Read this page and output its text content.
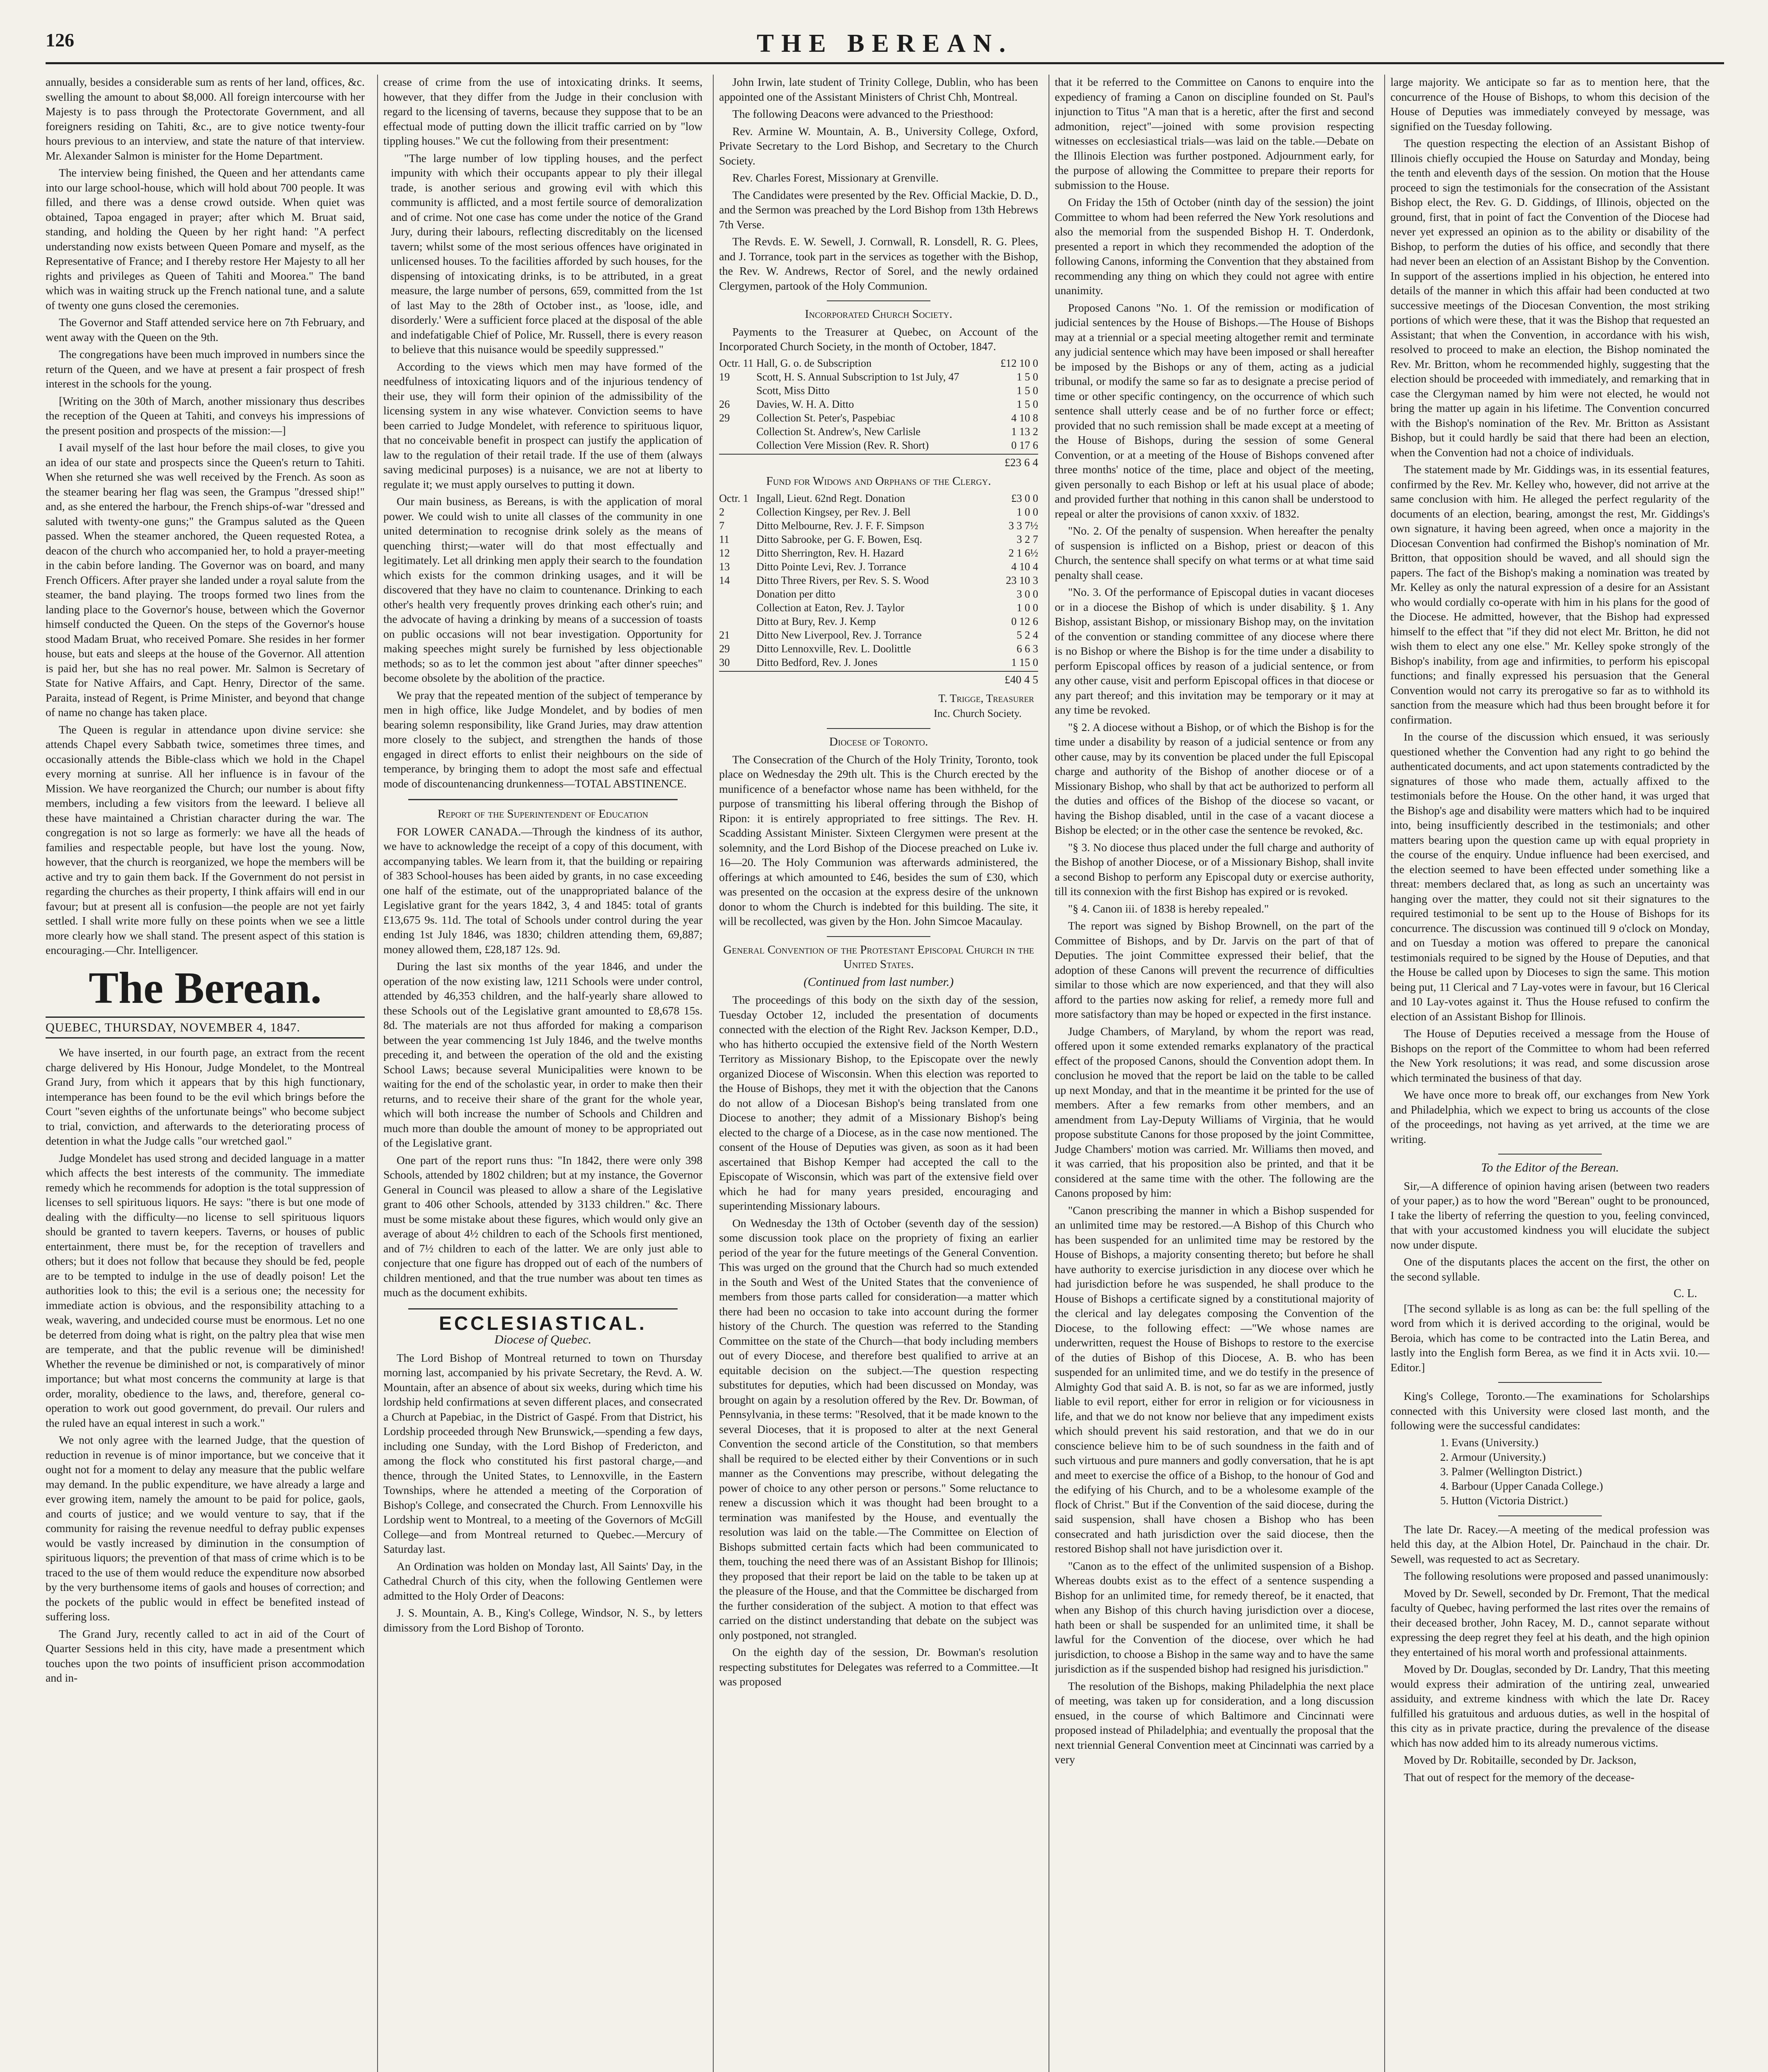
126	THE BEREAN.

annually, besides a considerable sum as rents of her land, offices, &c. swelling the amount to about $8,000. All foreign intercourse with her Majesty is to pass through the Protectorate Government, and all foreigners residing on Tahiti, &c., are to give notice twenty-four hours previous to an interview, and state the nature of that interview. Mr. Alexander Salmon is minister for the Home Department.

The interview being finished, the Queen and her attendants came into our large school-house, which will hold about 700 people. It was filled, and there was a dense crowd outside. When quiet was obtained, Tapoa engaged in prayer; after which M. Bruat said, standing, and holding the Queen by her right hand: "A perfect understanding now exists between Queen Pomare and myself, as the Representative of France; and I thereby restore Her Majesty to all her rights and privileges as Queen of Tahiti and Moorea." The band which was in waiting struck up the French national tune, and a salute of twenty one guns closed the ceremonies.

The Governor and Staff attended service here on 7th February, and went away with the Queen on the 9th.

The congregations have been much improved in numbers since the return of the Queen, and we have at present a fair prospect of fresh interest in the schools for the young.

[Writing on the 30th of March, another missionary thus describes the reception of the Queen at Tahiti, and conveys his impressions of the present position and prospects of the mission:—]

I avail myself of the last hour before the mail closes, to give you an idea of our state and prospects since the Queen's return to Tahiti. When she returned she was well received by the French. As soon as the steamer bearing her flag was seen, the Grampus "dressed ship!" and, as she entered the harbour, the French ships-of-war "dressed and saluted with twenty-one guns;" the Grampus saluted as the Queen passed. When the steamer anchored, the Queen requested Rotea, a deacon of the church who accompanied her, to hold a prayer-meeting in the cabin before landing. The Governor was on board, and many French Officers. After prayer she landed under a royal salute from the steamer, the band playing. The troops formed two lines from the landing place to the Governor's house, between which the Governor himself conducted the Queen. On the steps of the Governor's house stood Madam Bruat, who received Pomare. She resides in her former house, but eats and sleeps at the house of the Governor. All attention is paid her, but she has no real power. Mr. Salmon is Secretary of State for Native Affairs, and Capt. Henry, Director of the same. Paraita, instead of Regent, is Prime Minister, and beyond that change of name no change has taken place.

The Queen is regular in attendance upon divine service: she attends Chapel every Sabbath twice, sometimes three times, and occasionally attends the Bible-class which we hold in the Chapel every morning at sunrise. All her influence is in favour of the Mission. We have reorganized the Church; our number is about fifty members, including a few visitors from the leeward. I believe all these have maintained a Christian character during the war. The congregation is not so large as formerly: we have all the heads of families and respectable people, but have lost the young. Now, however, that the church is reorganized, we hope the members will be active and try to gain them back. If the Government do not persist in regarding the churches as their property, I think affairs will end in our favour; but at present all is confusion—the people are not yet fairly settled. I shall write more fully on these points when we see a little more clearly how we shall stand. The present aspect of this station is encouraging.—Chr. Intelligencer.

The Berean.
QUEBEC, THURSDAY, NOVEMBER 4, 1847.

We have inserted, in our fourth page, an extract from the recent charge delivered by His Honour, Judge Mondelet, to the Montreal Grand Jury, from which it appears that by this high functionary, intemperance has been found to be the evil which brings before the Court "seven eighths of the unfortunate beings" who become subject to trial, conviction, and afterwards to the deteriorating process of detention in what the Judge calls "our wretched gaol."

Judge Mondelet has used strong and decided language in a matter which affects the best interests of the community. The immediate remedy which he recommends for adoption is the total suppression of licenses to sell spirituous liquors. He says: "there is but one mode of dealing with the difficulty—no license to sell spirituous liquors should be granted to tavern keepers. Taverns, or houses of public entertainment, there must be, for the reception of travellers and others; but it does not follow that because they should be fed, people are to be tempted to indulge in the use of deadly poison! Let the authorities look to this; the evil is a serious one; the necessity for immediate action is obvious, and the responsibility attaching to a weak, wavering, and undecided course must be enormous. Let no one be deterred from doing what is right, on the paltry plea that wise men are temperate, and that the public revenue will be diminished! Whether the revenue be diminished or not, is comparatively of minor importance; but what most concerns the community at large is that order, morality, obedience to the laws, and, therefore, general co-operation to work out good government, do prevail. Our rulers and the ruled have an equal interest in such a work."

We not only agree with the learned Judge, that the question of reduction in revenue is of minor importance, but we conceive that it ought not for a moment to delay any measure that the public welfare may demand. In the public expenditure, we have already a large and ever growing item, namely the amount to be paid for police, gaols, and courts of justice; and we would venture to say, that if the community for raising the revenue needful to defray public expenses would be vastly increased by diminution in the consumption of spirituous liquors; the prevention of that mass of crime which is to be traced to the use of them would reduce the expenditure now absorbed by the very burthensome items of gaols and houses of correction; and the pockets of the public would in effect be benefited instead of suffering loss.

The Grand Jury, recently called to act in aid of the Court of Quarter Sessions held in this city, have made a presentment which touches upon the two points of insufficient prison accommodation and in-

crease of crime from the use of intoxicating drinks. It seems, however, that they differ from the Judge in their conclusion with regard to the licensing of taverns, because they suppose that to be an effectual mode of putting down the illicit traffic carried on by "low tippling houses." We cut the following from their presentment:

"The large number of low tippling houses, and the perfect impunity with which their occupants appear to ply their illegal trade, is another serious and growing evil with which this community is afflicted, and a most fertile source of demoralization and of crime. Not one case has come under the notice of the Grand Jury, during their labours, reflecting discreditably on the licensed tavern; whilst some of the most serious offences have originated in unlicensed houses. To the facilities afforded by such houses, for the dispensing of intoxicating drinks, is to be attributed, in a great measure, the large number of persons, 659, committed from the 1st of last May to the 28th of October inst., as 'loose, idle, and disorderly.' Were a sufficient force placed at the disposal of the able and indefatigable Chief of Police, Mr. Russell, there is every reason to believe that this nuisance would be speedily suppressed."

According to the views which men may have formed of the needfulness of intoxicating liquors and of the injurious tendency of their use, they will form their opinion of the admissibility of the licensing system in any wise whatever. Conviction seems to have been carried to Judge Mondelet, with reference to spirituous liquor, that no conceivable benefit in prospect can justify the application of law to the regulation of their retail trade. If the use of them (always saving medicinal purposes) is a nuisance, we are not at liberty to regulate it; we must apply ourselves to putting it down.

Our main business, as Bereans, is with the application of moral power. We could wish to unite all classes of the community in one united determination to recognise drink solely as the means of quenching thirst;—water will do that most effectually and legitimately. Let all drinking men apply their search to the foundation which exists for the common drinking usages, and it will be discovered that they have no claim to countenance. Drinking to each other's health very frequently proves drinking each other's ruin; and the advocate of having a drinking by means of a succession of toasts on public occasions will not bear investigation. Opportunity for making speeches might surely be furnished by less objectionable methods; so as to let the common jest about "after dinner speeches" become obsolete by the abolition of the practice.

We pray that the repeated mention of the subject of temperance by men in high office, like Judge Mondelet, and by bodies of men bearing solemn responsibility, like Grand Juries, may draw attention more closely to the subject, and strengthen the hands of those engaged in direct efforts to enlist their neighbours on the side of temperance, by bringing them to adopt the most safe and effectual mode of discountenancing drunkenness—TOTAL ABSTINENCE.

Report of the Superintendent of Education

FOR LOWER CANADA.—Through the kindness of its author, we have to acknowledge the receipt of a copy of this document, with accompanying tables. We learn from it, that the building or repairing of 383 School-houses has been aided by grants, in no case exceeding one half of the estimate, out of the unappropriated balance of the Legislative grant for the years 1842, 3, 4 and 1845: total of grants £13,675 9s. 11d. The total of Schools under control during the year ending 1st July 1846, was 1830; children attending them, 69,887; money allowed them, £28,187 12s. 9d.

During the last six months of the year 1846, and under the operation of the now existing law, 1211 Schools were under control, attended by 46,353 children, and the half-yearly share allowed to these Schools out of the Legislative grant amounted to £8,678 15s. 8d. The materials are not thus afforded for making a comparison between the year commencing 1st July 1846, and the twelve months preceding it, and between the operation of the old and the existing School Laws; because several Municipalities were known to be waiting for the end of the scholastic year, in order to make then their returns, and to receive their share of the grant for the whole year, which will both increase the number of Schools and Children and much more than double the amount of money to be appropriated out of the Legislative grant.

One part of the report runs thus: "In 1842, there were only 398 Schools, attended by 1802 children; but at my instance, the Governor General in Council was pleased to allow a share of the Legislative grant to 406 other Schools, attended by 3133 children." &c. There must be some mistake about these figures, which would only give an average of about 4½ children to each of the Schools first mentioned, and of 7½ children to each of the latter. We are only just able to conjecture that one figure has dropped out of each of the numbers of children mentioned, and that the true number was about ten times as much as the document exhibits.

ECCLESIASTICAL.
Diocese of Quebec.

The Lord Bishop of Montreal returned to town on Thursday morning last, accompanied by his private Secretary, the Revd. A. W. Mountain, after an absence of about six weeks, during which time his lordship held confirmations at seven different places, and consecrated a Church at Papebiac, in the District of Gaspé. From that District, his Lordship proceeded through New Brunswick,—spending a few days, including one Sunday, with the Lord Bishop of Fredericton, and among the flock who constituted his first pastoral charge,—and thence, through the United States, to Lennoxville, in the Eastern Townships, where he attended a meeting of the Corporation of Bishop's College, and consecrated the Church. From Lennoxville his Lordship went to Montreal, to a meeting of the Governors of McGill College—and from Montreal returned to Quebec.—Mercury of Saturday last.

An Ordination was holden on Monday last, All Saints' Day, in the Cathedral Church of this city, when the following Gentlemen were admitted to the Holy Order of Deacons:

J. S. Mountain, A. B., King's College, Windsor, N. S., by letters dimissory from the Lord Bishop of Toronto.

John Irwin, late student of Trinity College, Dublin, who has been appointed one of the Assistant Ministers of Christ Chh, Montreal.

The following Deacons were advanced to the Priesthood:

Rev. Armine W. Mountain, A. B., University College, Oxford, Private Secretary to the Lord Bishop, and Secretary to the Church Society.

Rev. Charles Forest, Missionary at Grenville.

The Candidates were presented by the Rev. Official Mackie, D. D., and the Sermon was preached by the Lord Bishop from 13th Hebrews 7th Verse.

The Revds. E. W. Sewell, J. Cornwall, R. Lonsdell, R. G. Plees, and J. Torrance, took part in the services as together with the Bishop, the Rev. W. Andrews, Rector of Sorel, and the newly ordained Clergymen, partook of the Holy Communion.

Incorporated Church Society.

Payments to the Treasurer at Quebec, on Account of the Incorporated Church Society, in the month of October, 1847.

Octr. 11 Hall, G. o. de Subscription	£12 10 0
19	Scott, H. S. Annual Subscription to 1st July, 47	1 5 0
Scott, Miss Ditto	1 5 0
26	Davies, W. H. A. Ditto	1 5 0
29	Collection St. Peter's, Paspebiac	4 10 8
Collection St. Andrew's, New Carlisle	1 13 2
Collection Vere Mission (Rev. R. Short)	0 17 6
£23 6 4
Fund for Widows and Orphans of the Clergy.
Octr. 1 Ingall, Lieut. 62nd Regt. Donation	£3 0 0
2	Collection Kingsey, per Rev. J. Bell	1 0 0
7	Ditto Melbourne, Rev. J. F. F. Simpson	3 3 7½
11	Ditto Sabrooke, per G. F. Bowen, Esq.	3 2 7
12	Ditto Sherrington, Rev. H. Hazard	2 1 6½
13	Ditto Pointe Levi, Rev. J. Torrance	4 10 4
14	Ditto Three Rivers, per Rev. S. S. Wood	23 10 3
Donation per ditto	3 0 0
Collection at Eaton, Rev. J. Taylor	1 0 0
Ditto at Bury, Rev. J. Kemp	0 12 6
21	Ditto New Liverpool, Rev. J. Torrance	5 2 4
29	Ditto Lennoxville, Rev. L. Doolittle	6 6 3
30	Ditto Bedford, Rev. J. Jones	1 15 0
£40 4 5
T. Trigge, Treasurer
Inc. Church Society.
Diocese of Toronto.

The Consecration of the Church of the Holy Trinity, Toronto, took place on Wednesday the 29th ult. This is the Church erected by the munificence of a benefactor whose name has been withheld, for the purpose of transmitting his liberal offering through the Bishop of Ripon: it is entirely appropriated to free sittings. The Rev. H. Scadding Assistant Minister. Sixteen Clergymen were present at the solemnity, and the Lord Bishop of the Diocese preached on Luke iv. 16—20. The Holy Communion was afterwards administered, the offerings at which amounted to £46, besides the sum of £30, which was presented on the occasion at the express desire of the unknown donor to whom the Church is indebted for this building. The site, it will be recollected, was given by the Hon. John Simcoe Macaulay.

General Convention of the Protestant Episcopal Church in the United States.
(Continued from last number.)

The proceedings of this body on the sixth day of the session, Tuesday October 12, included the presentation of documents connected with the election of the Right Rev. Jackson Kemper, D.D., who has hitherto occupied the extensive field of the North Western Territory as Missionary Bishop, to the Episcopate over the newly organized Diocese of Wisconsin. When this election was reported to the House of Bishops, they met it with the objection that the Canons do not allow of a Diocesan Bishop's being translated from one Diocese to another; they admit of a Missionary Bishop's being elected to the charge of a Diocese, as in the case now mentioned. The consent of the House of Deputies was given, as soon as it had been ascertained that Bishop Kemper had accepted the call to the Episcopate of Wisconsin, which was part of the extensive field over which he had for many years presided, encouraging and superintending Missionary labours.

On Wednesday the 13th of October (seventh day of the session) some discussion took place on the propriety of fixing an earlier period of the year for the future meetings of the General Convention. This was urged on the ground that the Church had so much extended in the South and West of the United States that the convenience of members from those parts called for consideration—a matter which there had been no occasion to take into account during the former history of the Church. The question was referred to the Standing Committee on the state of the Church—that body including members out of every Diocese, and therefore best qualified to arrive at an equitable decision on the subject.—The question respecting substitutes for deputies, which had been discussed on Monday, was brought on again by a resolution offered by the Rev. Dr. Bowman, of Pennsylvania, in these terms: "Resolved, that it be made known to the several Dioceses, that it is proposed to alter at the next General Convention the second article of the Constitution, so that members shall be required to be elected either by their Conventions or in such manner as the Conventions may prescribe, without delegating the power of choice to any other person or persons." Some reluctance to renew a discussion which it was thought had been brought to a termination was manifested by the House, and eventually the resolution was laid on the table.—The Committee on Election of Bishops submitted certain facts which had been communicated to them, touching the need there was of an Assistant Bishop for Illinois; they proposed that their report be laid on the table to be taken up at the pleasure of the House, and that the Committee be discharged from the further consideration of the subject. A motion to that effect was carried on the distinct understanding that debate on the subject was only postponed, not strangled.

On the eighth day of the session, Dr. Bowman's resolution respecting substitutes for Delegates was referred to a Committee.—It was proposed

that it be referred to the Committee on Canons to enquire into the expediency of framing a Canon on discipline founded on St. Paul's injunction to Titus "A man that is a heretic, after the first and second admonition, reject"—joined with some provision respecting witnesses on ecclesiastical trials—was laid on the table.—Debate on the Illinois Election was further postponed. Adjournment early, for the purpose of allowing the Committee to prepare their reports for submission to the House.

On Friday the 15th of October (ninth day of the session) the joint Committee to whom had been referred the New York resolutions and also the memorial from the suspended Bishop H. T. Onderdonk, presented a report in which they recommended the adoption of the following Canons, informing the Convention that they abstained from recommending any thing on which they could not agree with entire unanimity.

Proposed Canons "No. 1. Of the remission or modification of judicial sentences by the House of Bishops.—The House of Bishops may at a triennial or a special meeting altogether remit and terminate any judicial sentence which may have been imposed or shall hereafter be imposed by the Bishops or any of them, acting as a judicial tribunal, or modify the same so far as to designate a precise period of time or other specific contingency, on the occurrence of which such sentence shall utterly cease and be of no further force or effect; provided that no such remission shall be made except at a meeting of the House of Bishops, during the session of some General Convention, or at a meeting of the House of Bishops convened after three months' notice of the time, place and object of the meeting, given personally to each Bishop or left at his usual place of abode; and provided further that nothing in this canon shall be understood to repeal or alter the provisions of canon xxxiv. of 1832.

"No. 2. Of the penalty of suspension. When hereafter the penalty of suspension is inflicted on a Bishop, priest or deacon of this Church, the sentence shall specify on what terms or at what time said penalty shall cease.

"No. 3. Of the performance of Episcopal duties in vacant dioceses or in a diocese the Bishop of which is under disability. § 1. Any Bishop, assistant Bishop, or missionary Bishop may, on the invitation of the convention or standing committee of any diocese where there is no Bishop or where the Bishop is for the time under a disability to perform Episcopal offices by reason of a judicial sentence, or from any other cause, visit and perform Episcopal offices in that diocese or any part thereof; and this invitation may be temporary or it may at any time be revoked.

"§ 2. A diocese without a Bishop, or of which the Bishop is for the time under a disability by reason of a judicial sentence or from any other cause, may by its convention be placed under the full Episcopal charge and authority of the Bishop of another diocese or of a Missionary Bishop, who shall by that act be authorized to perform all the duties and offices of the Bishop of the diocese so vacant, or having the Bishop disabled, until in the case of a vacant diocese a Bishop be elected; or in the other case the sentence be revoked, &c.

"§ 3. No diocese thus placed under the full charge and authority of the Bishop of another Diocese, or of a Missionary Bishop, shall invite a second Bishop to perform any Episcopal duty or exercise authority, till its connexion with the first Bishop has expired or is revoked.

"§ 4. Canon iii. of 1838 is hereby repealed."

The report was signed by Bishop Brownell, on the part of the Committee of Bishops, and by Dr. Jarvis on the part of that of Deputies. The joint Committee expressed their belief, that the adoption of these Canons will prevent the recurrence of difficulties similar to those which are now experienced, and that they will also afford to the parties now asking for relief, a remedy more full and more satisfactory than may be hoped or expected in the first instance.

Judge Chambers, of Maryland, by whom the report was read, offered upon it some extended remarks explanatory of the practical effect of the proposed Canons, should the Convention adopt them. In conclusion he moved that the report be laid on the table to be called up next Monday, and that in the meantime it be printed for the use of members. After a few remarks from other members, and an amendment from Lay-Deputy Williams of Virginia, that he would propose substitute Canons for those proposed by the joint Committee, Judge Chambers' motion was carried. Mr. Williams then moved, and it was carried, that his proposition also be printed, and that it be considered at the same time with the other. The following are the Canons proposed by him:

"Canon prescribing the manner in which a Bishop suspended for an unlimited time may be restored.—A Bishop of this Church who has been suspended for an unlimited time may be restored by the House of Bishops, a majority consenting thereto; but before he shall have authority to exercise jurisdiction in any diocese over which he had jurisdiction before he was suspended, he shall produce to the House of Bishops a certificate signed by a constitutional majority of the clerical and lay delegates composing the Convention of the Diocese, to the following effect: —"We whose names are underwritten, request the House of Bishops to restore to the exercise of the duties of Bishop of this Diocese, A. B. who has been suspended for an unlimited time, and we do testify in the presence of Almighty God that said A. B. is not, so far as we are informed, justly liable to evil report, either for error in religion or for viciousness in life, and that we do not know nor believe that any impediment exists which should prevent his said restoration, and that we do in our conscience believe him to be of such soundness in the faith and of such virtuous and pure manners and godly conversation, that he is apt and meet to exercise the office of a Bishop, to the honour of God and the edifying of his Church, and to be a wholesome example of the flock of Christ." But if the Convention of the said diocese, during the said suspension, shall have chosen a Bishop who has been consecrated and hath jurisdiction over the said diocese, then the restored Bishop shall not have jurisdiction over it.

"Canon as to the effect of the unlimited suspension of a Bishop. Whereas doubts exist as to the effect of a sentence suspending a Bishop for an unlimited time, for remedy thereof, be it enacted, that when any Bishop of this church having jurisdiction over a diocese, hath been or shall be suspended for an unlimited time, it shall be lawful for the Convention of the diocese, over which he had jurisdiction, to choose a Bishop in the same way and to have the same jurisdiction as if the suspended bishop had resigned his jurisdiction."

The resolution of the Bishops, making Philadelphia the next place of meeting, was taken up for consideration, and a long discussion ensued, in the course of which Baltimore and Cincinnati were proposed instead of Philadelphia; and eventually the proposal that the next triennial General Convention meet at Cincinnati was carried by a very

large majority. We anticipate so far as to mention here, that the concurrence of the House of Bishops, to whom this decision of the House of Deputies was immediately conveyed by message, was signified on the Tuesday following.

The question respecting the election of an Assistant Bishop of Illinois chiefly occupied the House on Saturday and Monday, being the tenth and eleventh days of the session. On motion that the House proceed to sign the testimonials for the consecration of the Assistant Bishop elect, the Rev. G. D. Giddings, of Illinois, objected on the ground, first, that in point of fact the Convention of the Diocese had never yet expressed an opinion as to the ability or disability of the Bishop, to perform the duties of his office, and secondly that there had never been an election of an Assistant Bishop by the Convention. In support of the assertions implied in his objection, he entered into details of the manner in which this affair had been conducted at two successive meetings of the Diocesan Convention, the most striking portions of which were these, that it was the Bishop that requested an Assistant; that when the Convention, in accordance with his wish, resolved to proceed to make an election, the Bishop nominated the Rev. Mr. Britton, whom he recommended highly, suggesting that the election should be proceeded with immediately, and remarking that in case the Clergyman named by him were not elected, he would not bring the matter up again in his lifetime. The Convention concurred with the Bishop's nomination of the Rev. Mr. Britton as Assistant Bishop, but it could hardly be said that there had been an election, when the Convention had not a choice of individuals.

The statement made by Mr. Giddings was, in its essential features, confirmed by the Rev. Mr. Kelley who, however, did not arrive at the same conclusion with him. He alleged the perfect regularity of the documents of an election, bearing, amongst the rest, Mr. Giddings's own signature, it having been agreed, when once a majority in the Diocesan Convention had confirmed the Bishop's nomination of Mr. Britton, that opposition should be waved, and all should sign the papers. The fact of the Bishop's making a nomination was treated by Mr. Kelley as only the natural expression of a desire for an Assistant who would cordially co-operate with him in his plans for the good of the Diocese. He admitted, however, that the Bishop had expressed himself to the effect that "if they did not elect Mr. Britton, he did not wish them to elect any one else." Mr. Kelley spoke strongly of the Bishop's inability, from age and infirmities, to perform his episcopal functions; and finally expressed his persuasion that the General Convention would not carry its prerogative so far as to withhold its sanction from the measure which had thus been brought before it for confirmation.

In the course of the discussion which ensued, it was seriously questioned whether the Convention had any right to go behind the authenticated documents, and act upon statements contradicted by the signatures of those who made them, actually affixed to the testimonials before the House. On the other hand, it was urged that the Bishop's age and disability were matters which had to be inquired into, being insufficiently described in the testimonials; and other matters bearing upon the question came up with equal propriety in the course of the enquiry. Undue influence had been exercised, and the election seemed to have been effected under something like a threat: members declared that, as long as such an uncertainty was hanging over the matter, they could not sit their signatures to the required testimonial to be sent up to the House of Bishops for its concurrence. The discussion was continued till 9 o'clock on Monday, and on Tuesday a motion was offered to prepare the canonical testimonials required to be signed by the House of Deputies, and that the House be called upon by Dioceses to sign the same. This motion being put, 11 Clerical and 7 Lay-votes were in favour, but 16 Clerical and 10 Lay-votes against it. Thus the House refused to confirm the election of an Assistant Bishop for Illinois.

The House of Deputies received a message from the House of Bishops on the report of the Committee to whom had been referred the New York resolutions; it was read, and some discussion arose which terminated the business of that day.

We have once more to break off, our exchanges from New York and Philadelphia, which we expect to bring us accounts of the close of the proceedings, not having as yet arrived, at the time we are writing.

To the Editor of the Berean.

Sir,—A difference of opinion having arisen (between two readers of your paper,) as to how the word "Berean" ought to be pronounced, I take the liberty of referring the question to you, feeling convinced, that with your accustomed kindness you will elucidate the subject now under dispute.

One of the disputants places the accent on the first, the other on the second syllable.

C. L.

[The second syllable is as long as can be: the full spelling of the word from which it is derived according to the original, would be Beroia, which has come to be contracted into the Latin Berea, and lastly into the English form Berea, as we find it in Acts xvii. 10.—Editor.]

King's College, Toronto.—The examinations for Scholarships connected with this University were closed last month, and the following were the successful candidates:

1. Evans (University.)
2. Armour (University.)
3. Palmer (Wellington District.)
4. Barbour (Upper Canada College.)
5. Hutton (Victoria District.)

The late Dr. Racey.—A meeting of the medical profession was held this day, at the Albion Hotel, Dr. Painchaud in the chair. Dr. Sewell, was requested to act as Secretary.

The following resolutions were proposed and passed unanimously:

Moved by Dr. Sewell, seconded by Dr. Fremont, That the medical faculty of Quebec, having performed the last rites over the remains of their deceased brother, John Racey, M. D., cannot separate without expressing the deep regret they feel at his death, and the high opinion they entertained of his moral worth and professional attainments.

Moved by Dr. Douglas, seconded by Dr. Landry, That this meeting would express their admiration of the untiring zeal, unwearied assiduity, and extreme kindness with which the late Dr. Racey fulfilled his gratuitous and arduous duties, as well in the hospital of this city as in private practice, during the prevalence of the disease which has now added him to its already numerous victims.

Moved by Dr. Robitaille, seconded by Dr. Jackson,

That out of respect for the memory of the decease-
